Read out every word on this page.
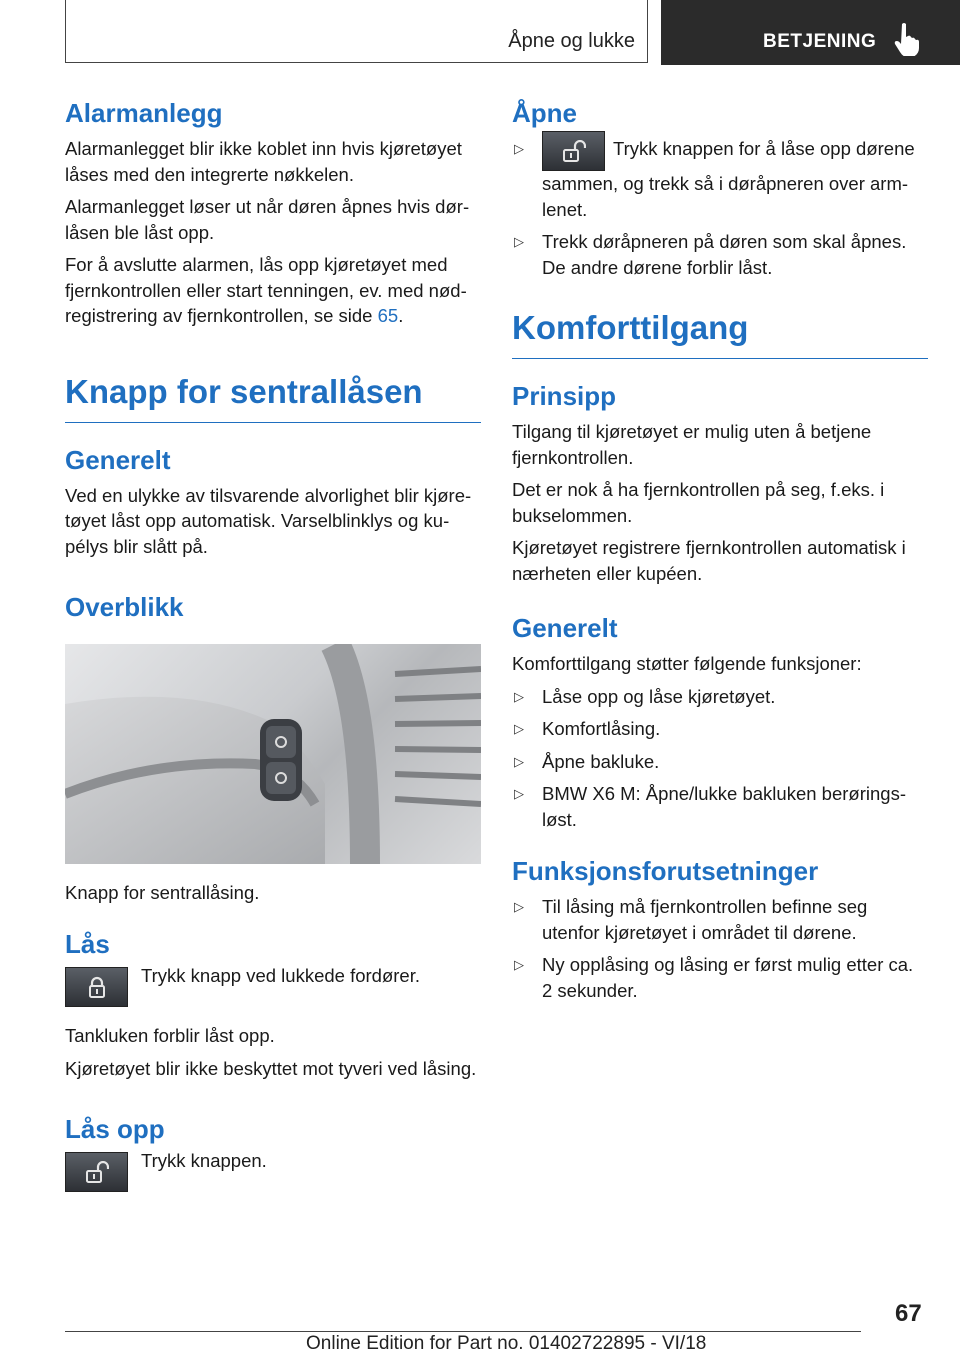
Åpne og lukke	BETJENING
Alarmanlegg

Alarmanlegget blir ikke koblet inn hvis kjøretøyet låses med den integrerte nøkkelen.

Alarmanlegget løser ut når døren åpnes hvis dørlåsen ble låst opp.

For å avslutte alarmen, lås opp kjøretøyet med fjernkontrollen eller start tenningen, ev. med nødregistrering av fjernkontrollen, se side 65.

Knapp for sentrallåsen
Generelt

Ved en ulykke av tilsvarende alvorlighet blir kjøretøyet låst opp automatisk. Varselblinklys og kupélys blir slått på.

Overblikk

Knapp for sentrallåsing.

Lås
Trykk knapp ved lukkede fordører.

Tankluken forblir låst opp.

Kjøretøyet blir ikke beskyttet mot tyveri ved låsing.

Lås opp
Trykk knappen.
Åpne
▷	Trykk knappen for å låse opp dørene sammen, og trekk så i døråpneren over armlenet.
▷ Trekk døråpneren på døren som skal åpnes. De andre dørene forblir låst.
Komforttilgang
Prinsipp

Tilgang til kjøretøyet er mulig uten å betjene fjernkontrollen.

Det er nok å ha fjernkontrollen på seg, f.eks. i bukselommen.

Kjøretøyet registrere fjernkontrollen automatisk i nærheten eller kupéen.

Generelt

Komforttilgang støtter følgende funksjoner:

▷ Låse opp og låse kjøretøyet.
▷ Komfortlåsing.
▷ Åpne bakluke.
▷ BMW X6 M: Åpne/lukke bakluken berøringsløst.
Funksjonsforutsetninger
▷ Til låsing må fjernkontrollen befinne seg utenfor kjøretøyet i området til dørene.
▷ Ny opplåsing og låsing er først mulig etter ca. 2 sekunder.
67
Online Edition for Part no. 01402722895 - VI/18
